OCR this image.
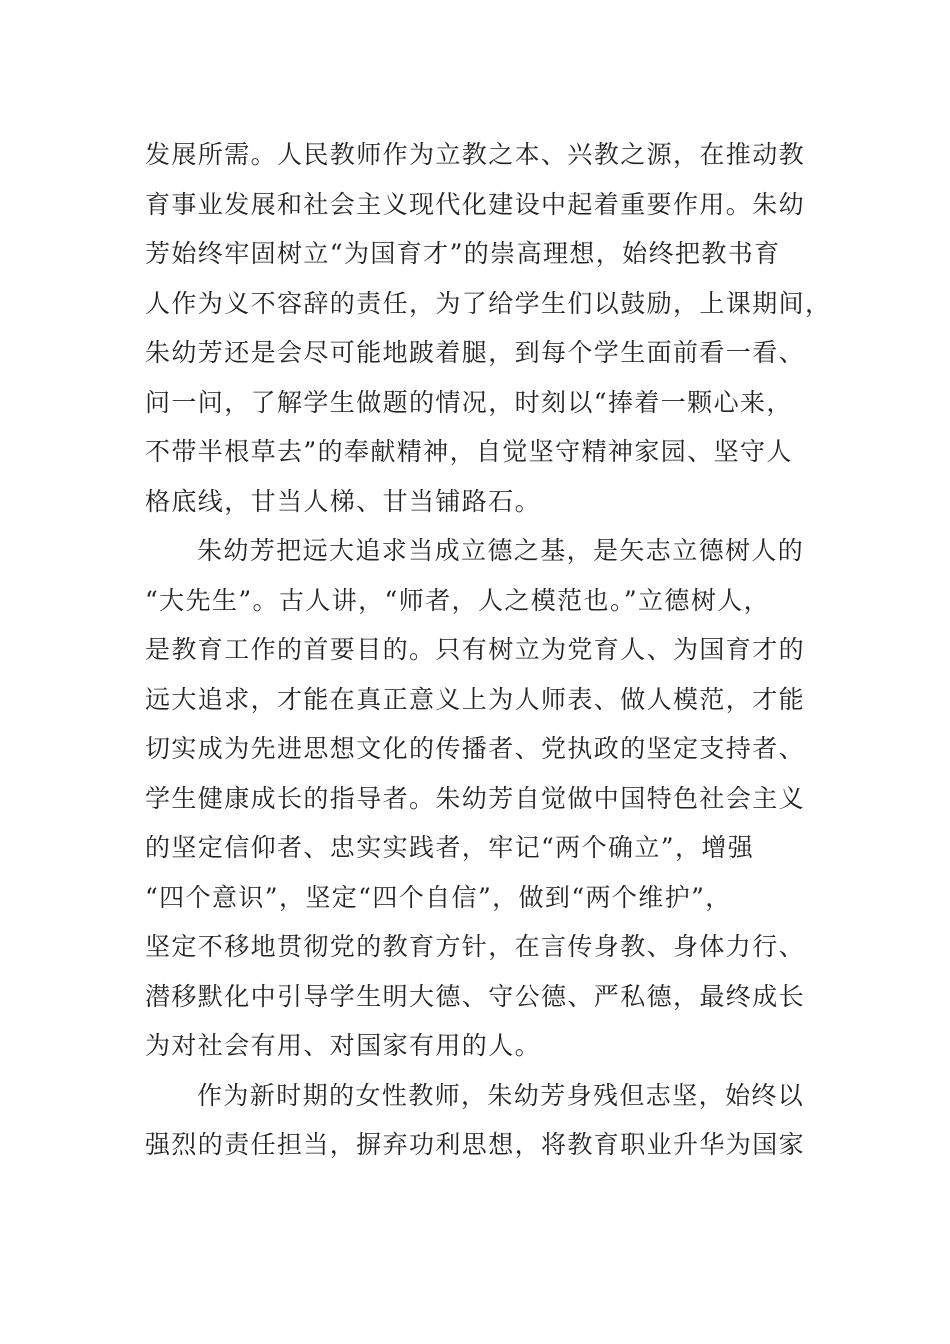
发展所需。人民教师作为立教之本、兴教之源，在推动教
育事业发展和社会主义现代化建设中起着重要作用。朱幼
芳始终牢固树立“为国育才”的崇高理想，始终把教书育
人作为义不容辞的责任，为了给学生们以鼓励，上课期间，
朱幼芳还是会尽可能地跛着腿，到每个学生面前看一看、
问一问，了解学生做题的情况，时刻以“捧着一颗心来，
不带半根草去”的奉献精神，自觉坚守精神家园、坚守人
格底线，甘当人梯、甘当铺路石。
朱幼芳把远大追求当成立德之基，是矢志立德树人的
“大先生”。古人讲，“师者，人之模范也。”立德树人，
是教育工作的首要目的。只有树立为党育人、为国育才的
远大追求，才能在真正意义上为人师表、做人模范，才能
切实成为先进思想文化的传播者、党执政的坚定支持者、
学生健康成长的指导者。朱幼芳自觉做中国特色社会主义
的坚定信仰者、忠实实践者，牢记“两个确立”，增强
“四个意识”，坚定“四个自信”，做到“两个维护”，
坚定不移地贯彻党的教育方针，在言传身教、身体力行、
潜移默化中引导学生明大德、守公德、严私德，最终成长
为对社会有用、对国家有用的人。
作为新时期的女性教师，朱幼芳身残但志坚，始终以
强烈的责任担当，摒弃功利思想，将教育职业升华为国家
